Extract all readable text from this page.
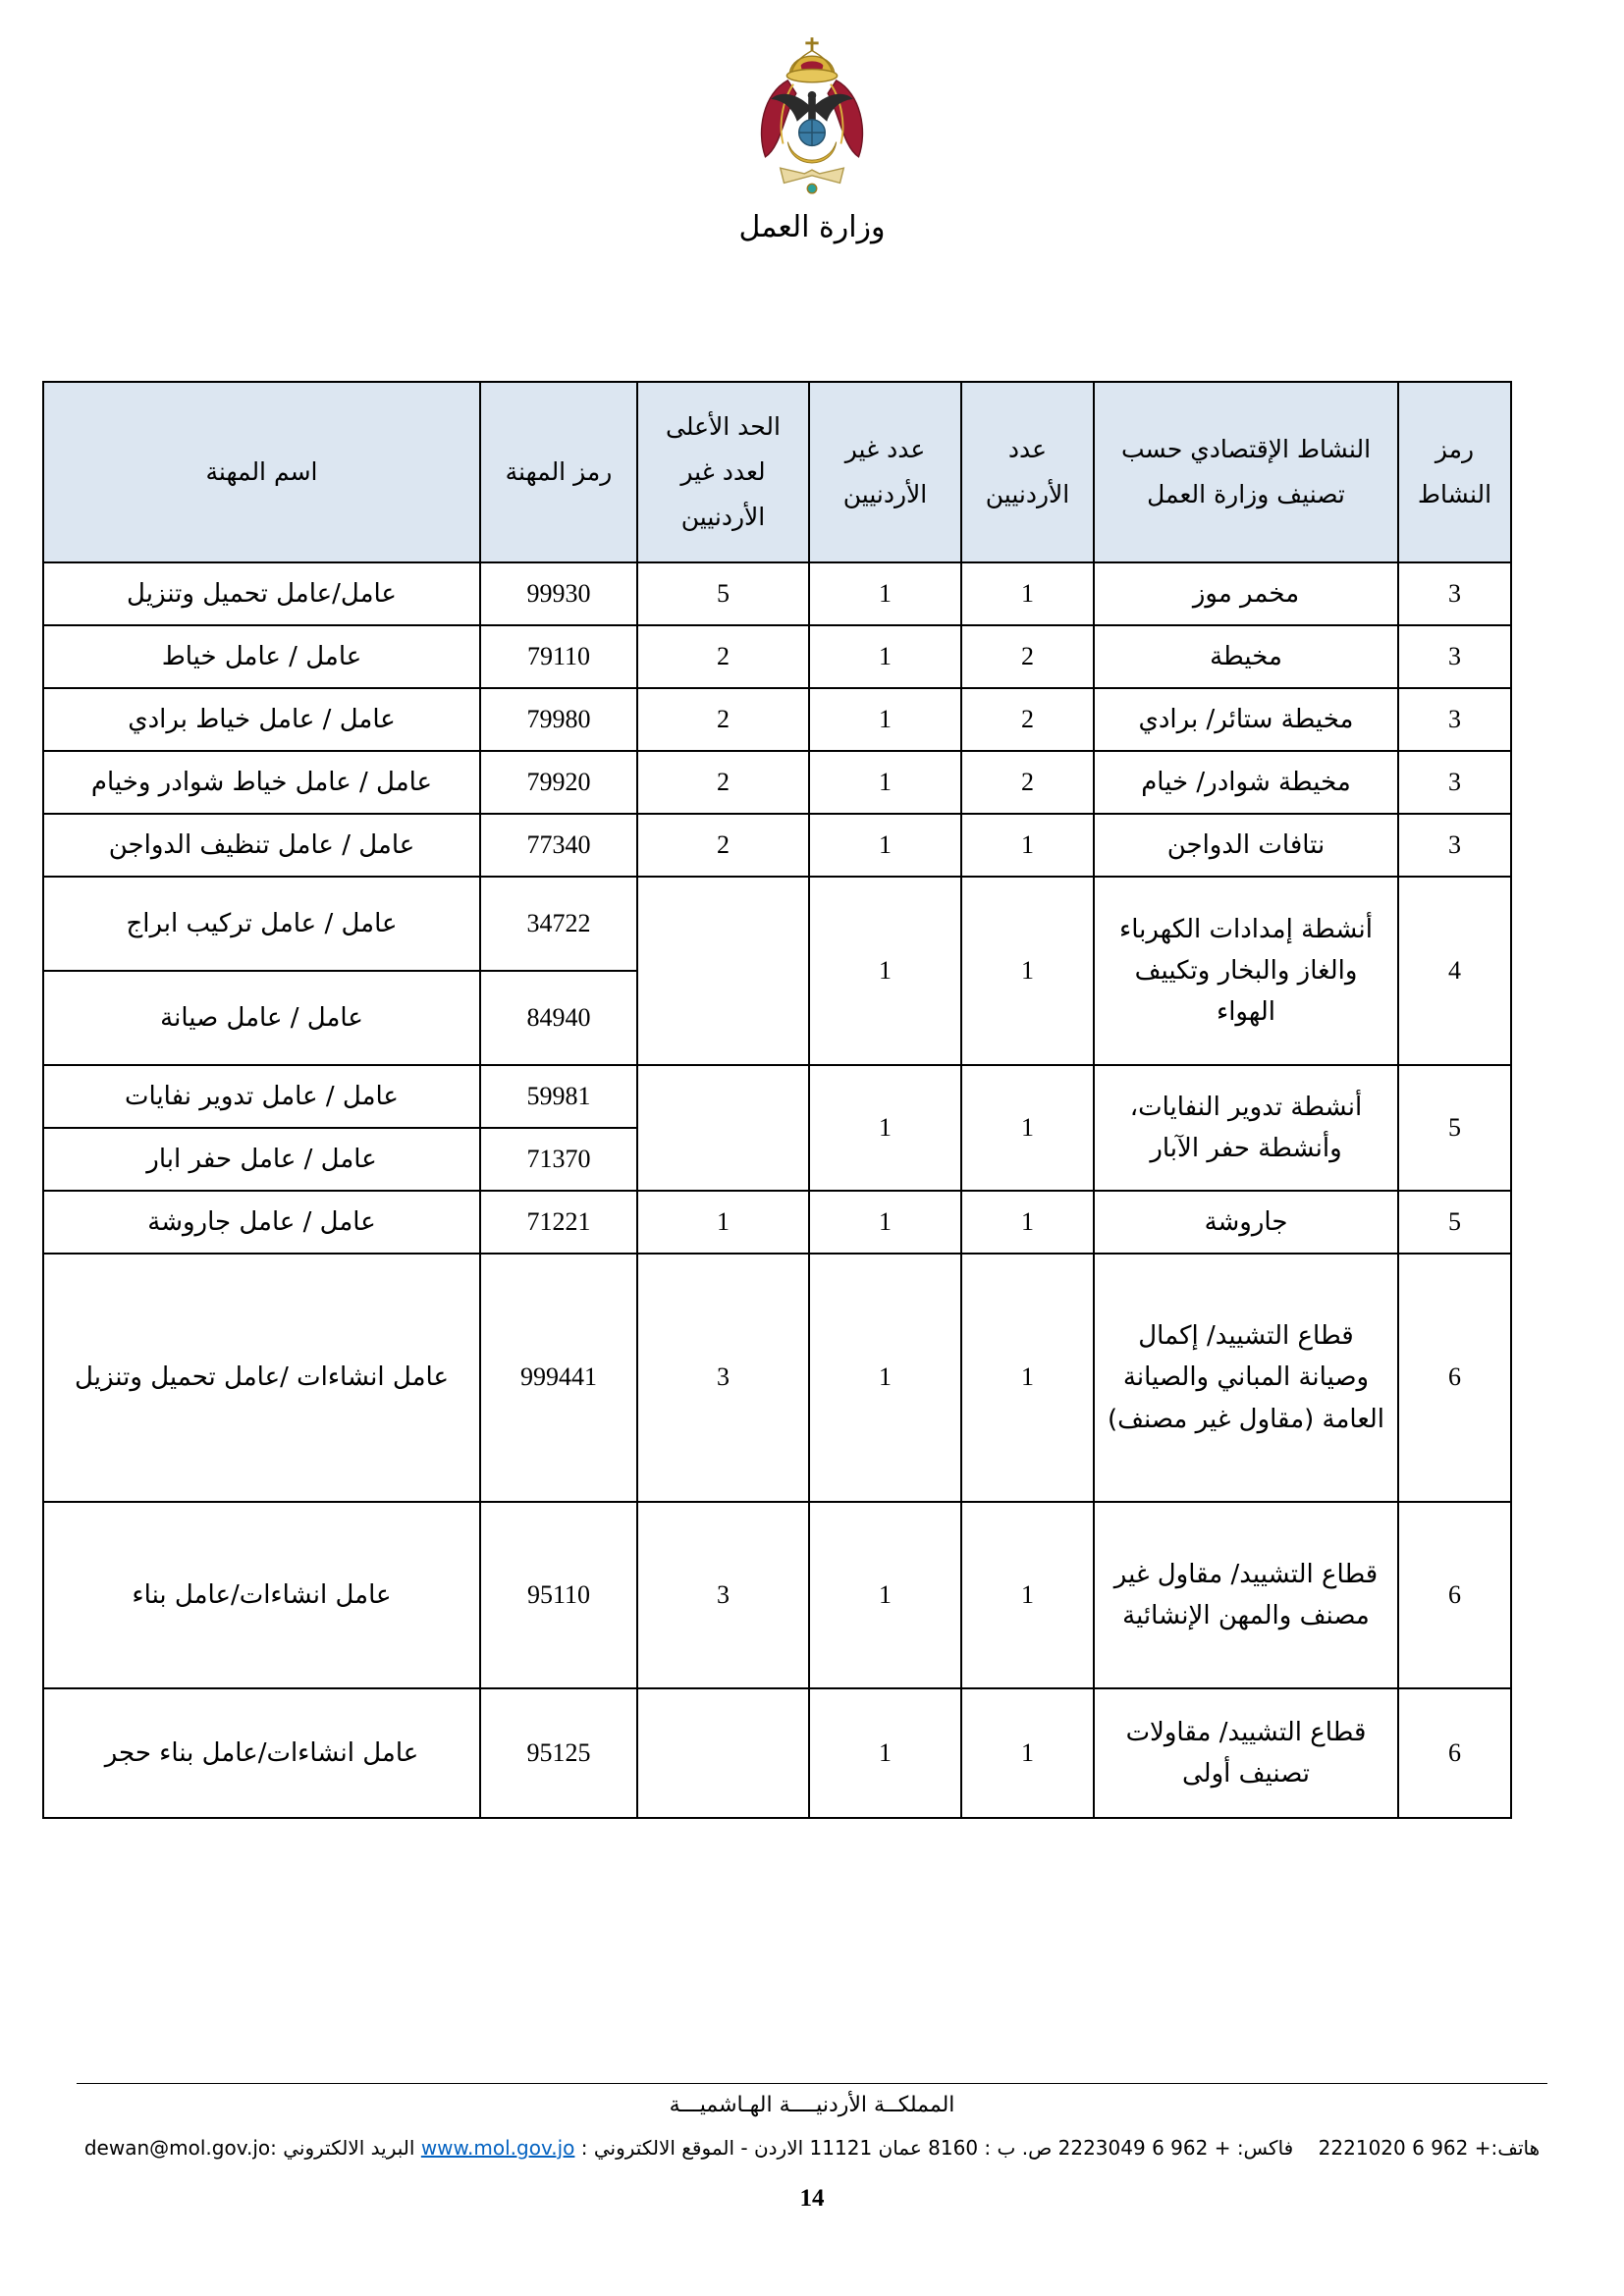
وزارة العمل
رمز النشاط	النشاط الإقتصادي حسب تصنيف وزارة العمل	عدد الأردنيين	عدد غير الأردنيين	الحد الأعلى لعدد غير الأردنيين	رمز المهنة	اسم المهنة
3	مخمر موز	1	1	5	99930	عامل/عامل تحميل وتنزيل
3	مخيطة	2	1	2	79110	عامل / عامل خياط
3	مخيطة ستائر/ برادي	2	1	2	79980	عامل / عامل خياط برادي
3	مخيطة شوادر/ خيام	2	1	2	79920	عامل / عامل خياط شوادر وخيام
3	نتافات الدواجن	1	1	2	77340	عامل / عامل تنظيف الدواجن
4	أنشطة إمدادات الكهرباء والغاز والبخار وتكييف الهواء	1	1		34722	عامل / عامل تركيب ابراج
					84940	عامل / عامل صيانة
5	أنشطة تدوير النفايات، وأنشطة حفر الآبار	1	1		59981	عامل / عامل تدوير نفايات
					71370	عامل / عامل حفر ابار
5	جاروشة	1	1	1	71221	عامل / عامل جاروشة
6	قطاع التشييد/ إكمال وصيانة المباني والصيانة العامة (مقاول غير مصنف)	1	1	3	999441	عامل انشاءات /عامل تحميل وتنزيل
6	قطاع التشييد/ مقاول غير مصنف والمهن الإنشائية	1	1	3	95110	عامل انشاءات/عامل بناء
6	قطاع التشييد/ مقاولات تصنيف أولى	1	1		95125	عامل انشاءات/عامل بناء حجر
المملكــة الأردنيــــة الهـاشميـــة
هاتف:+ 962 6 2221020    فاكس: + 962 6 2223049 ص. ب : 8160 عمان 11121 الاردن - الموقع الالكتروني : www.mol.gov.jo البريد الالكتروني :dewan@mol.gov.jo
14
